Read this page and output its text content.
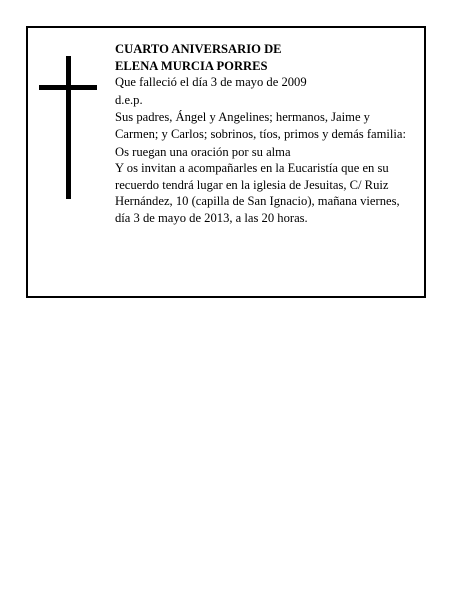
CUARTO ANIVERSARIO DE
ELENA MURCIA PORRES

Que falleció el día 3 de mayo de 2009

d.e.p.

Sus padres, Ángel y Angelines; hermanos, Jaime y Carmen; y Carlos; sobrinos, tíos, primos y demás familia:

Os ruegan una oración por su alma

Y os invitan a acompañarles en la Eucaristía que en su recuerdo tendrá lugar en la iglesia de Jesuitas, C/ Ruiz Hernández, 10 (capilla de San Ignacio), mañana viernes, día 3 de mayo de 2013, a las 20 horas.
